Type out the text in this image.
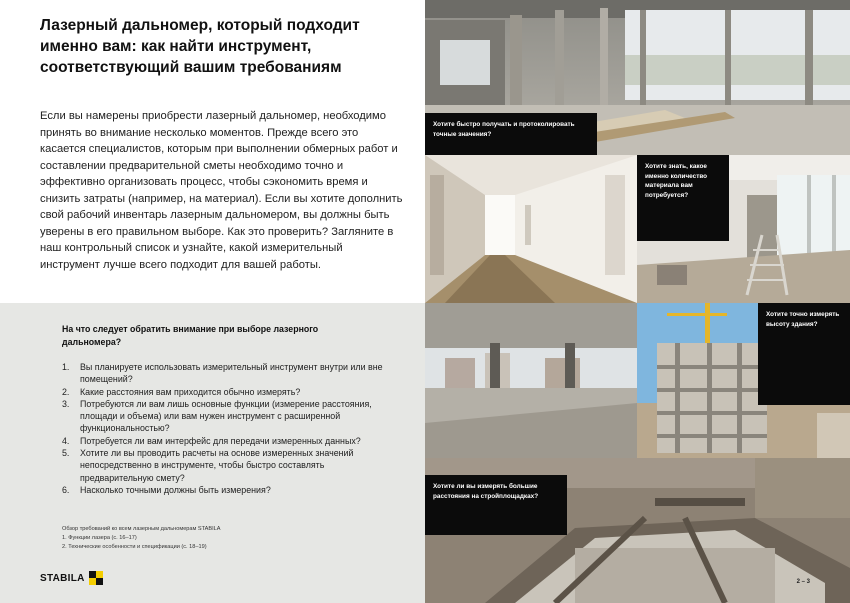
Лазерный дальномер, который подходит именно вам: как найти инструмент, соответствующий вашим требованиям

Если вы намерены приобрести лазерный дальномер, необходимо принять во внимание несколько моментов. Прежде всего это касается специалистов, которым при выполнении обмерных работ и составлении предварительной сметы необходимо точно и эффективно организовать процесс, чтобы сэкономить время и снизить затраты (например, на материал). Если вы хотите дополнить свой рабочий инвентарь лазерным дальномером, вы должны быть уверены в его правильном выборе. Как это проверить? Загляните в наш контрольный список и узнайте, какой измерительный инструмент лучше всего подходит для вашей работы.

На что следует обратить внимание при выборе лазерного дальномера?

1.	Вы планируете использовать измерительный инструмент внутри или вне помещений?
2.	Какие расстояния вам приходится обычно измерять?
3.	Потребуются ли вам лишь основные функции (измерение расстояния, площади и объема) или вам нужен инструмент с расширенной функциональностью?
4.	Потребуется ли вам интерфейс для передачи измеренных данных?
5.	Хотите ли вы проводить расчеты на основе измеренных значений непосредственно в инструменте, чтобы быстро составлять предварительную смету?
6.	Насколько точными должны быть измерения?
Обзор требований ко всем лазерным дальномерам STABILA
1. Функции лазера (с. 16–17)
2. Технические особенности и спецификации (с. 18–19)
STABILA
Хотите быстро получать и протоколировать точные значения?
Хотите знать, какое именно количество материала вам потребуется?
Хотите точно измерять высоту здания?
Хотите ли вы измерять большие расстояния на стройплощадках?
2 – 3
